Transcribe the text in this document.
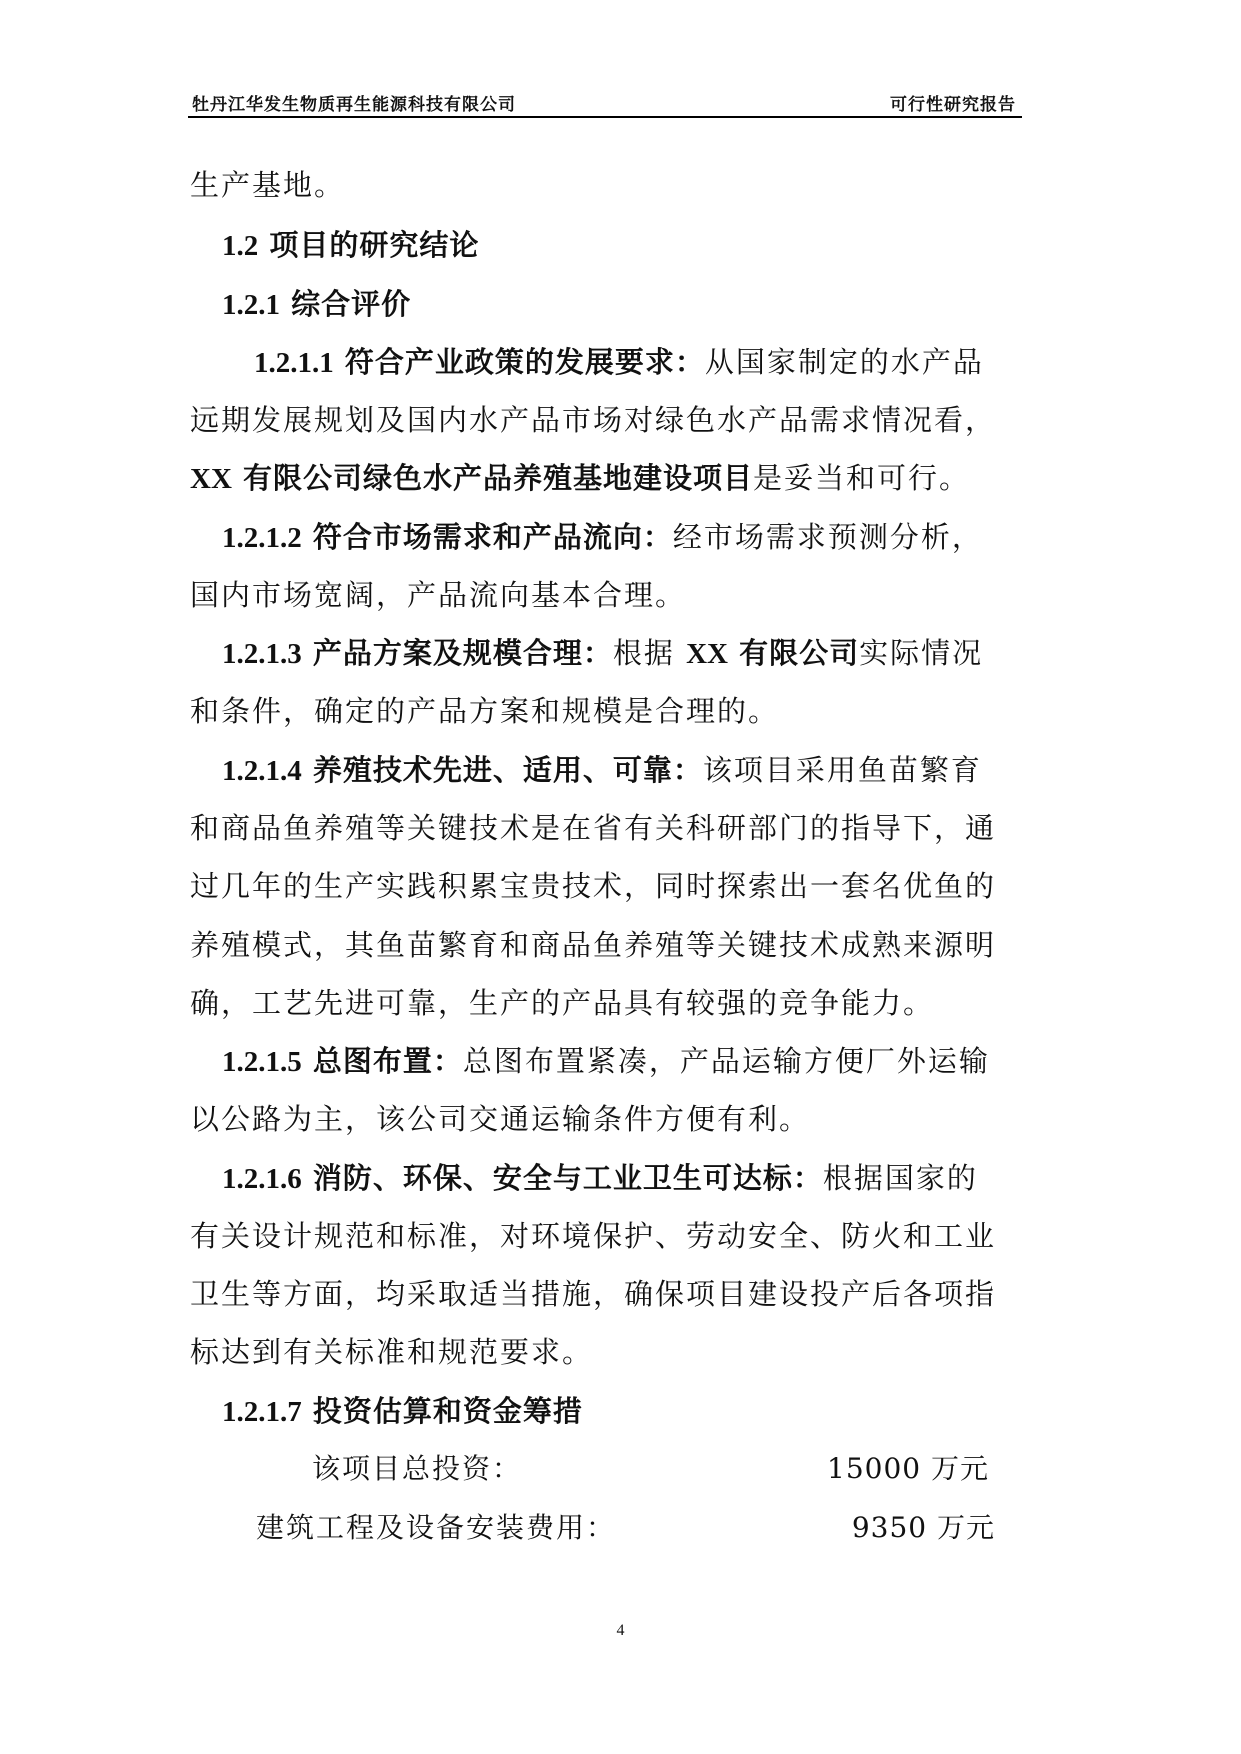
牡丹江华发生物质再生能源科技有限公司	可行性研究报告
生产基地。
1.2 项目的研究结论
1.2.1 综合评价
1.2.1.1 符合产业政策的发展要求：从国家制定的水产品
远期发展规划及国内水产品市场对绿色水产品需求情况看，
XX 有限公司绿色水产品养殖基地建设项目是妥当和可行。
1.2.1.2 符合市场需求和产品流向：经市场需求预测分析，
国内市场宽阔，产品流向基本合理。
1.2.1.3 产品方案及规模合理：根据 XX 有限公司实际情况
和条件，确定的产品方案和规模是合理的。
1.2.1.4 养殖技术先进、适用、可靠：该项目采用鱼苗繁育
和商品鱼养殖等关键技术是在省有关科研部门的指导下，通
过几年的生产实践积累宝贵技术，同时探索出一套名优鱼的
养殖模式，其鱼苗繁育和商品鱼养殖等关键技术成熟来源明
确，工艺先进可靠，生产的产品具有较强的竞争能力。
1.2.1.5 总图布置：总图布置紧凑，产品运输方便厂外运输
以公路为主，该公司交通运输条件方便有利。
1.2.1.6 消防、环保、安全与工业卫生可达标：根据国家的
有关设计规范和标准，对环境保护、劳动安全、防火和工业
卫生等方面，均采取适当措施，确保项目建设投产后各项指
标达到有关标准和规范要求。
1.2.1.7 投资估算和资金筹措
该项目总投资：	15000 万元
建筑工程及设备安装费用：	9350 万元
4
